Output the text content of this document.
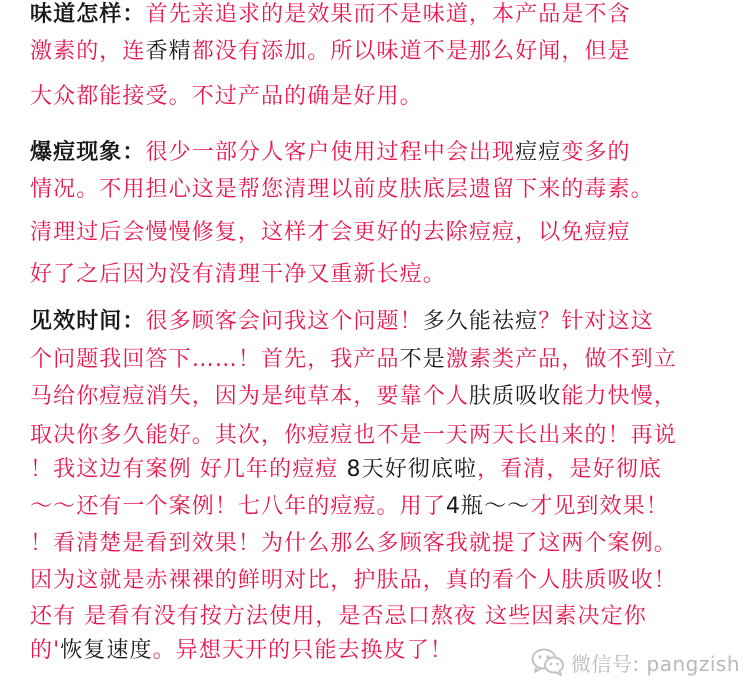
味道怎样：首先亲追求的是效果而不是味道，本产品是不含
激素的，连香精都没有添加。所以味道不是那么好闻，但是
大众都能接受。不过产品的确是好用。
爆痘现象：很少一部分人客户使用过程中会出现痘痘变多的
情况。不用担心这是帮您清理以前皮肤底层遗留下来的毒素。
清理过后会慢慢修复，这样才会更好的去除痘痘，以免痘痘
好了之后因为没有清理干净又重新长痘。
见效时间：很多顾客会问我这个问题！多久能祛痘？针对这这
个问题我回答下……！首先，我产品不是激素类产品，做不到立
马给你痘痘消失，因为是纯草本，要靠个人肤质吸收能力快慢，
取决你多久能好。其次，你痘痘也不是一天两天长出来的！再说
！我这边有案例 好几年的痘痘 8天好彻底啦，看清，是好彻底
～～还有一个案例！七八年的痘痘。用了4瓶～～才见到效果！
！看清楚是看到效果！为什么那么多顾客我就提了这两个案例。
因为这就是赤裸裸的鲜明对比，护肤品，真的看个人肤质吸收！
还有 是看有没有按方法使用，是否忌口熬夜 这些因素决定你
的'恢复速度。异想天开的只能去换皮了！
微信号: pangzish
